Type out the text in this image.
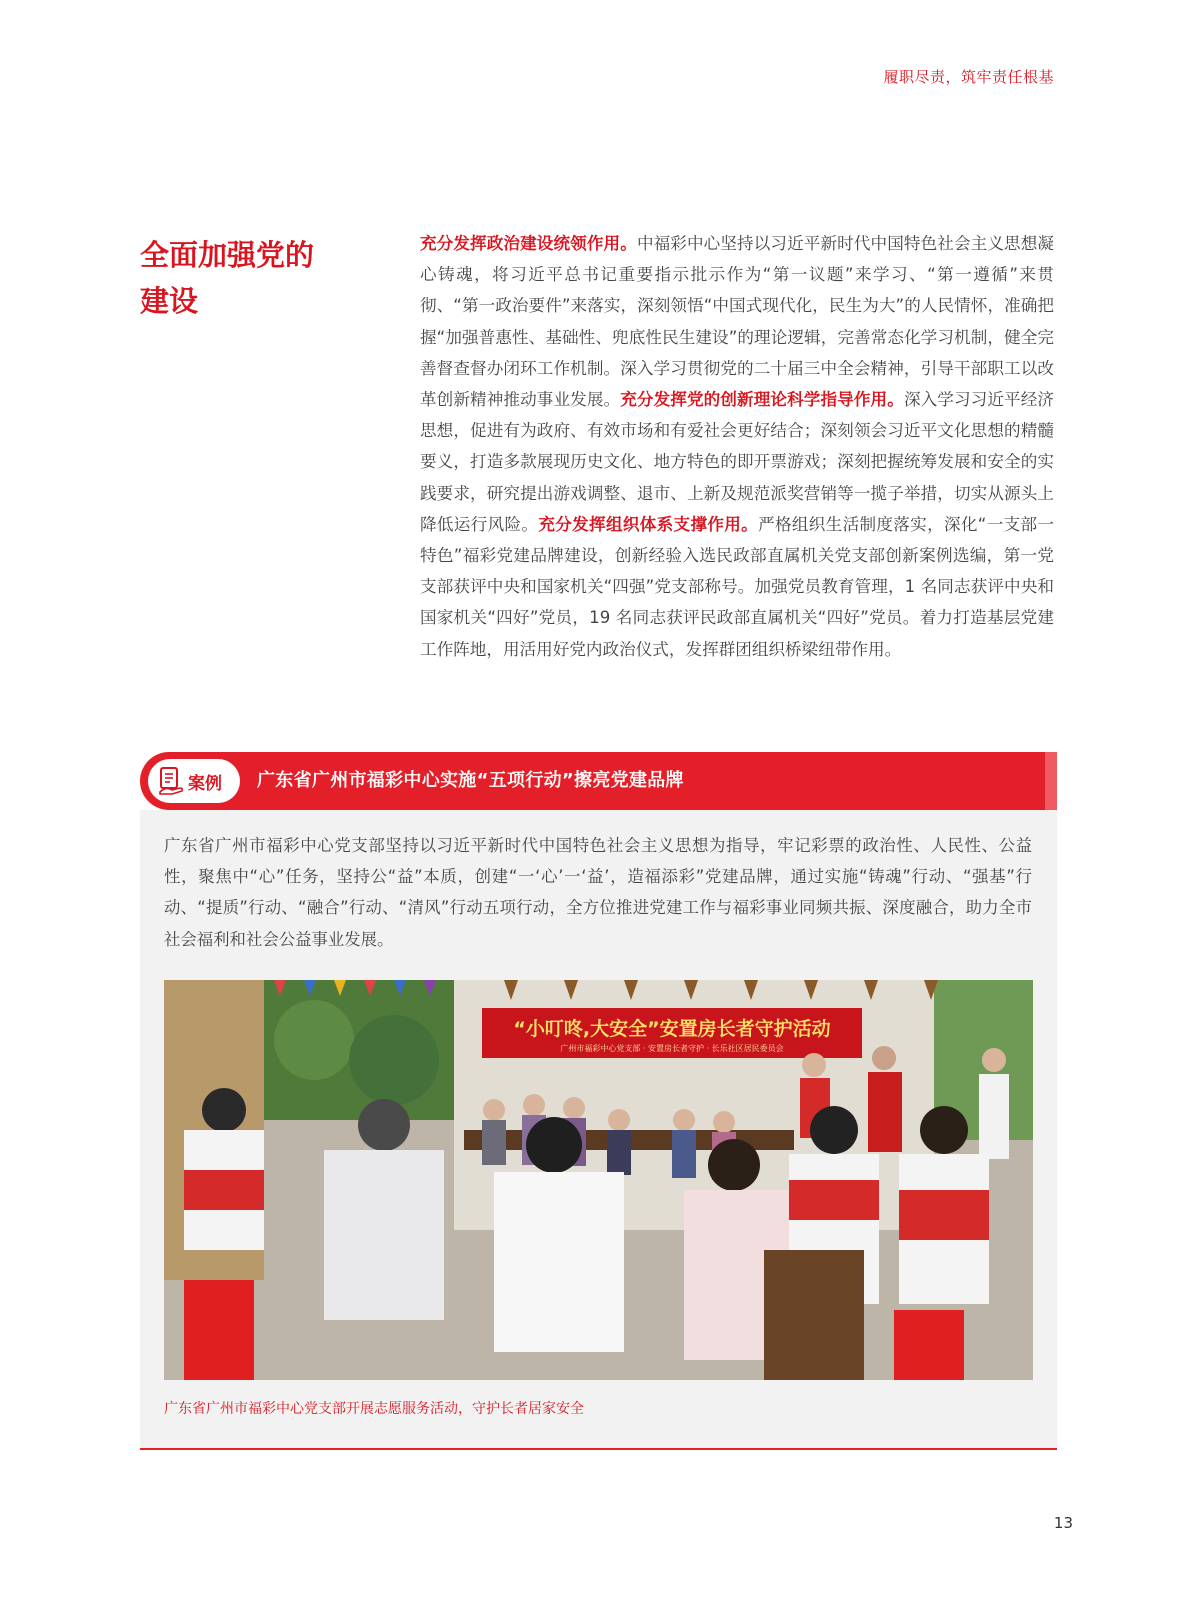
履职尽责，筑牢责任根基
全面加强党的
建设
充分发挥政治建设统领作用。中福彩中心坚持以习近平新时代中国特色社会主义思想凝心铸魂，将习近平总书记重要指示批示作为“第一议题”来学习、“第一遵循”来贯彻、“第一政治要件”来落实，深刻领悟“中国式现代化，民生为大”的人民情怀，准确把握“加强普惠性、基础性、兜底性民生建设”的理论逻辑，完善常态化学习机制，健全完善督查督办闭环工作机制。深入学习贯彻党的二十届三中全会精神，引导干部职工以改革创新精神推动事业发展。充分发挥党的创新理论科学指导作用。深入学习习近平经济思想，促进有为政府、有效市场和有爱社会更好结合；深刻领会习近平文化思想的精髓要义，打造多款展现历史文化、地方特色的即开票游戏；深刻把握统筹发展和安全的实践要求，研究提出游戏调整、退市、上新及规范派奖营销等一揽子举措，切实从源头上降低运行风险。充分发挥组织体系支撑作用。严格组织生活制度落实，深化“一支部一特色”福彩党建品牌建设，创新经验入选民政部直属机关党支部创新案例选编，第一党支部获评中央和国家机关“四强”党支部称号。加强党员教育管理，1 名同志获评中央和国家机关“四好”党员，19 名同志获评民政部直属机关“四好”党员。着力打造基层党建工作阵地，用活用好党内政治仪式，发挥群团组织桥梁纽带作用。
案例 广东省广州市福彩中心实施“五项行动”擦亮党建品牌
广东省广州市福彩中心党支部坚持以习近平新时代中国特色社会主义思想为指导，牢记彩票的政治性、人民性、公益性，聚焦中“心”任务，坚持公“益”本质，创建“一‘心’一‘益’，造福添彩”党建品牌，通过实施“铸魂”行动、“强基”行动、“提质”行动、“融合”行动、“清风”行动五项行动，全方位推进党建工作与福彩事业同频共振、深度融合，助力全市社会福利和社会公益事业发展。
“小叮咚,大安全”安置房长者守护活动
广州市福彩中心党支部 · 安置房长者守护 · 长乐社区居民委员会
广东省广州市福彩中心党支部开展志愿服务活动，守护长者居家安全
13
